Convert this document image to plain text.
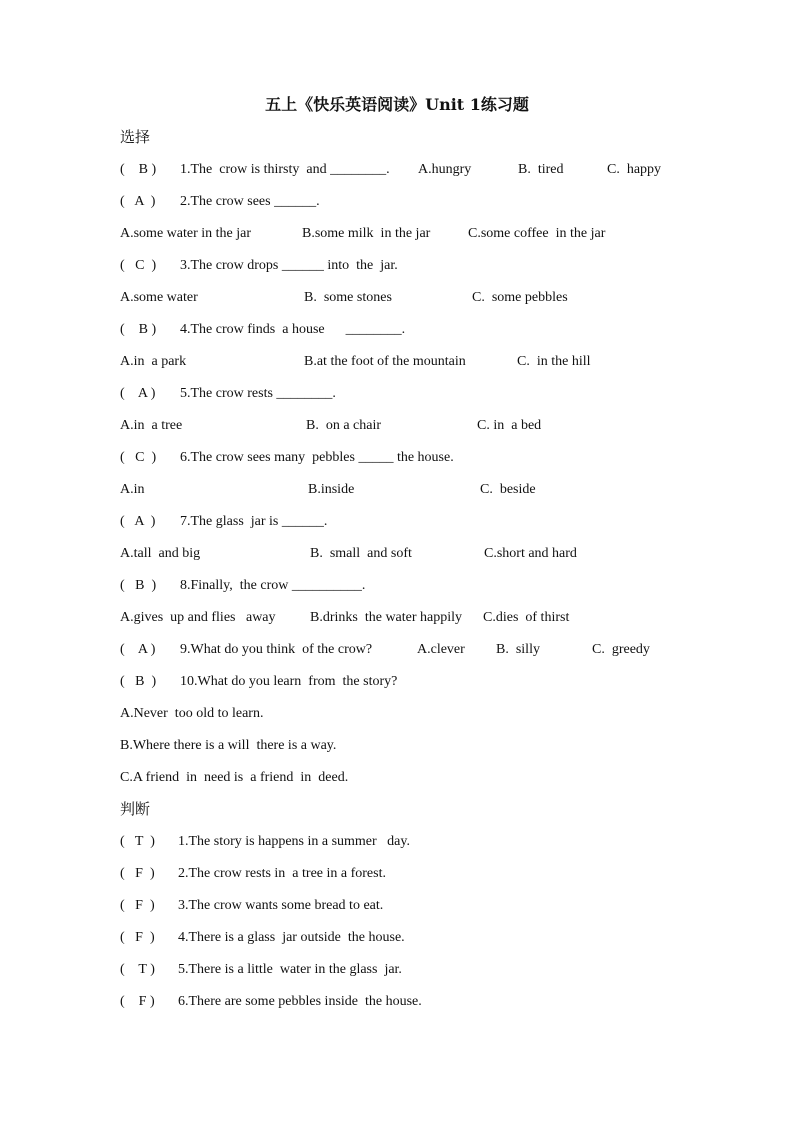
五上《快乐英语阅读》Unit 1练习题
选择
(    B ) 1.The  crow is thirsty  and ________. A.hungry	B.  tired	C.  happy
(   A  ) 2.The crow sees ______.
A.some water in the jar	B.some milk  in the jar	C.some coffee  in the jar
(   C  ) 3.The crow drops ______ into  the  jar.
A.some water	B.  some stones	C.  some pebbles
(    B ) 4.The crow finds  a house      ________.
A.in  a park	B.at the foot of the mountain	C.  in the hill
(    A ) 5.The crow rests ________.
A.in  a tree	B.  on a chair	C. in  a bed
(   C  ) 6.The crow sees many  pebbles _____ the house.
A.in	B.inside	C.  beside
(   A  ) 7.The glass  jar is ______.
A.tall  and big	B.  small  and soft	C.short and hard
(   B  ) 8.Finally,  the crow __________.
A.gives  up and flies   away B.drinks  the water happily C.dies  of thirst
(    A ) 9.What do you think  of the crow?	A.clever B.  silly	C.  greedy
(   B  ) 10.What do you learn  from  the story?
A.Never  too old to learn.
B.Where there is a will  there is a way.
C.A friend  in  need is  a friend  in  deed.
判断
(   T  ) 1.The story is happens in a summer   day.
(   F  ) 2.The crow rests in  a tree in a forest.
(   F  ) 3.The crow wants some bread to eat.
(   F  ) 4.There is a glass  jar outside  the house.
(    T ) 5.There is a little  water in the glass  jar.
(    F ) 6.There are some pebbles inside  the house.
